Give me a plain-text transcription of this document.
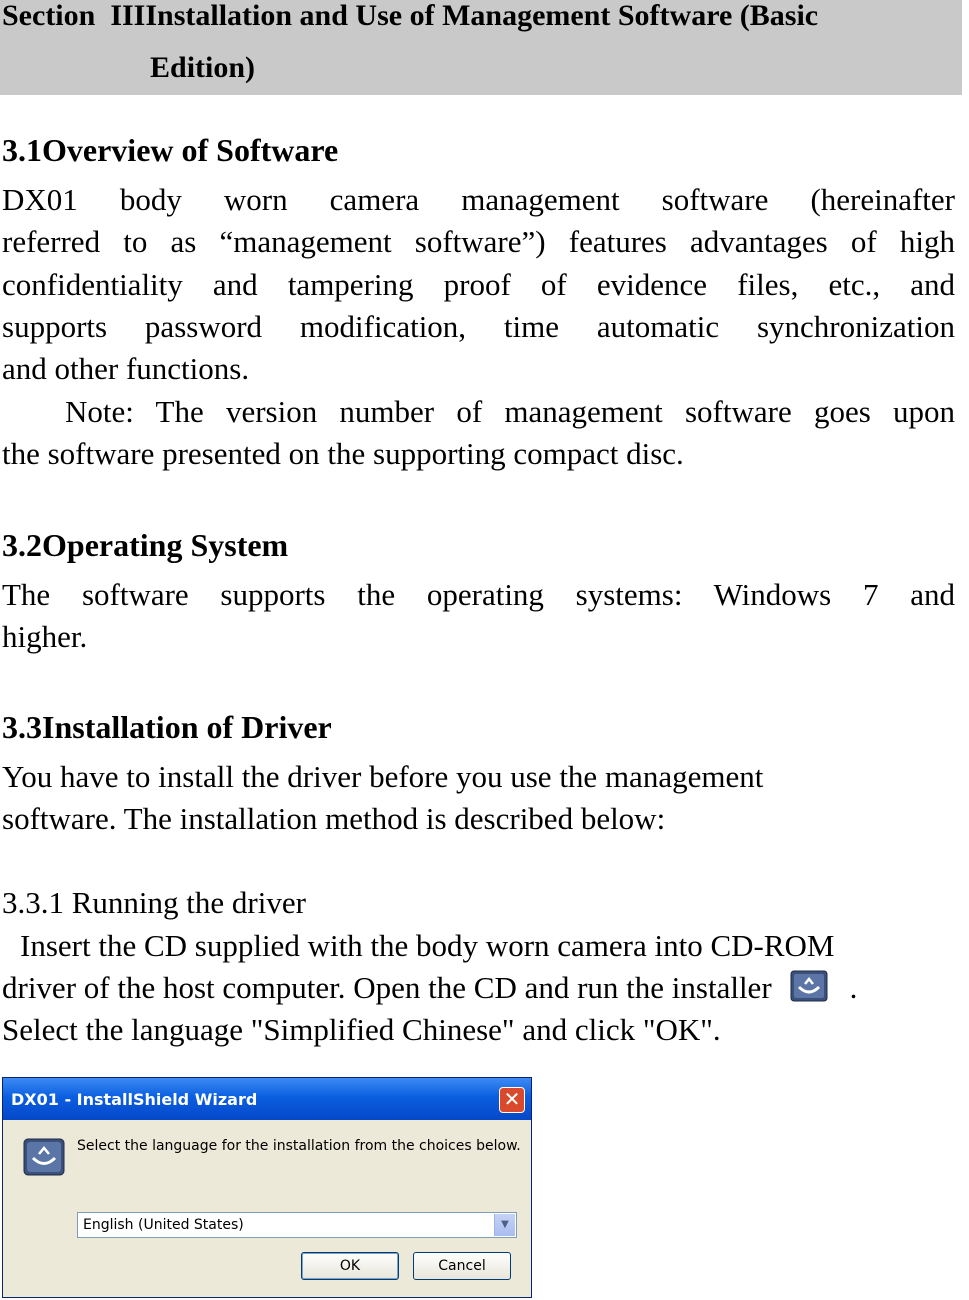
Section  IIIInstallation and Use of Management Software (Basic
Edition)
3.1Overview of Software
DX01 body worn camera management software (hereinafter
referred to as “management software”) features advantages of high
confidentiality and tampering proof of evidence files, etc., and
supports password modification, time automatic synchronization
and other functions.
Note: The version number of management software goes upon
the software presented on the supporting compact disc.
3.2Operating System
The software supports the operating systems: Windows 7 and
higher.
3.3Installation of Driver
You have to install the driver before you use the management
software. The installation method is described below:
3.3.1 Running the driver
Insert the CD supplied with the body worn camera into CD-ROM
driver of the host computer. Open the CD and run the installer	.
Select the language "Simplified Chinese" and click "OK".
DX01 - InstallShield Wizard	✕
Select the language for the installation from the choices below.
English (United States)	▼
OK	Cancel
